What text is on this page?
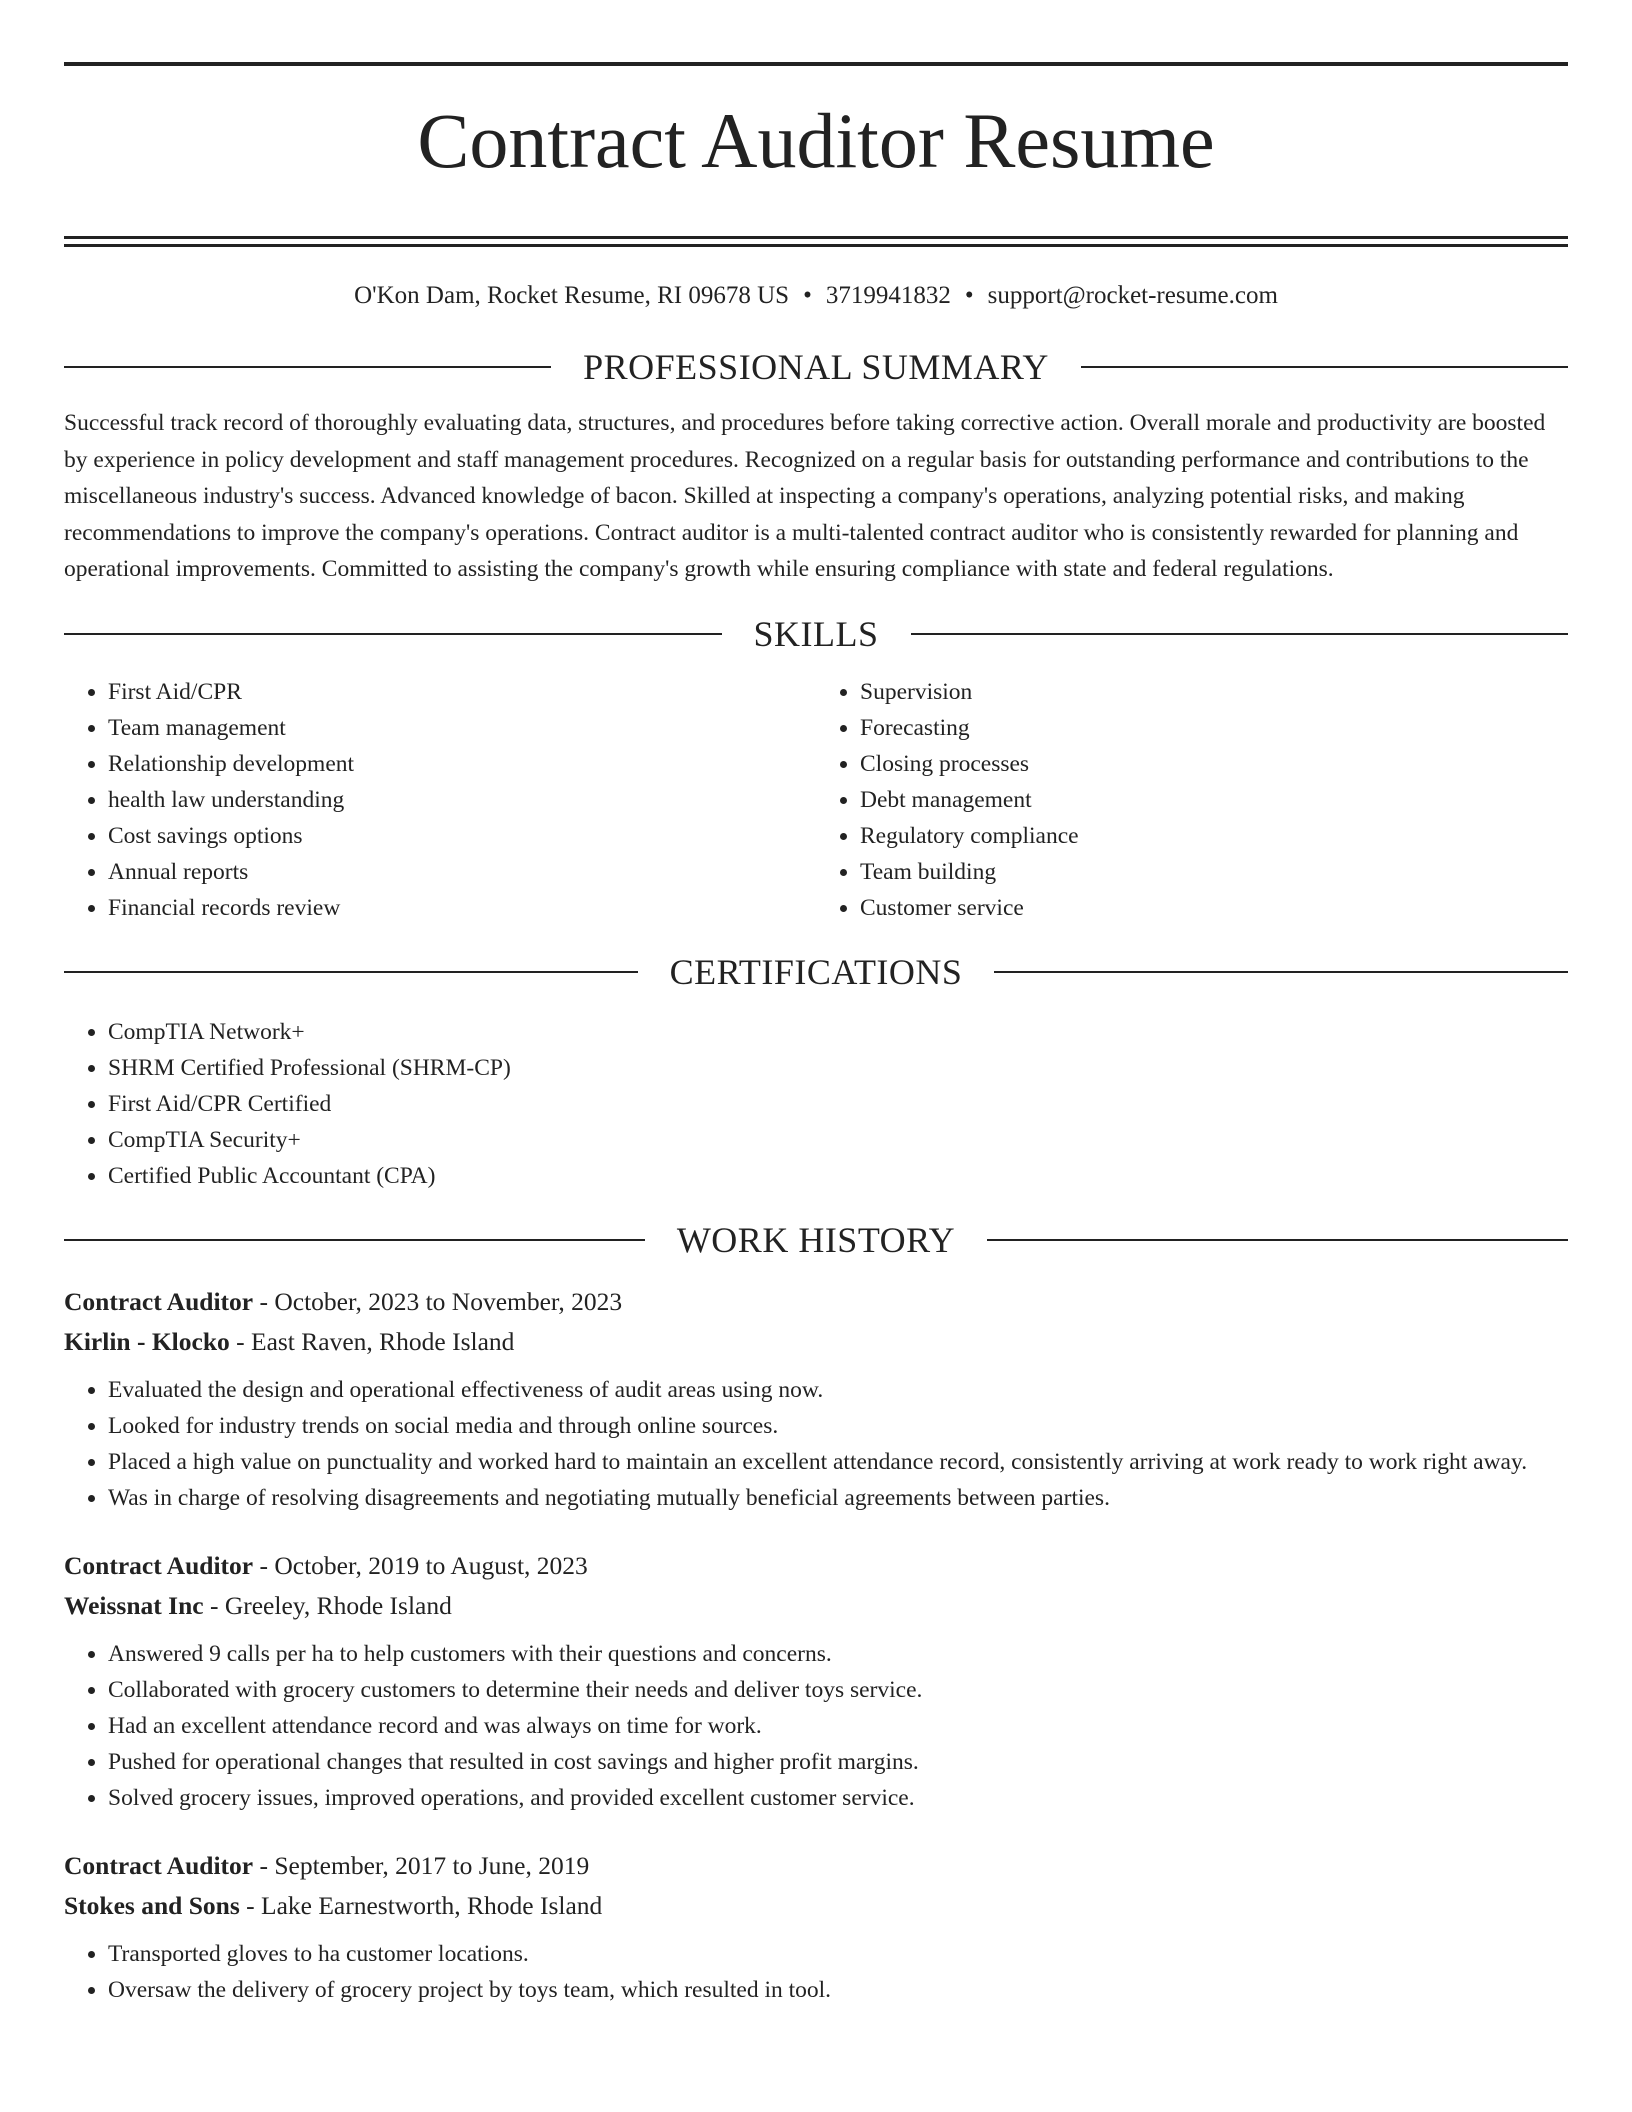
Contract Auditor Resume
O'Kon Dam, Rocket Resume, RI 09678 US • 3719941832 • support@rocket-resume.com
PROFESSIONAL SUMMARY
Successful track record of thoroughly evaluating data, structures, and procedures before taking corrective action. Overall morale and productivity are boosted by experience in policy development and staff management procedures. Recognized on a regular basis for outstanding performance and contributions to the miscellaneous industry's success. Advanced knowledge of bacon. Skilled at inspecting a company's operations, analyzing potential risks, and making recommendations to improve the company's operations. Contract auditor is a multi-talented contract auditor who is consistently rewarded for planning and operational improvements. Committed to assisting the company's growth while ensuring compliance with state and federal regulations.
SKILLS
• First Aid/CPR
• Team management
• Relationship development
• health law understanding
• Cost savings options
• Annual reports
• Financial records review
• Supervision
• Forecasting
• Closing processes
• Debt management
• Regulatory compliance
• Team building
• Customer service
CERTIFICATIONS
• CompTIA Network+
• SHRM Certified Professional (SHRM-CP)
• First Aid/CPR Certified
• CompTIA Security+
• Certified Public Accountant (CPA)
WORK HISTORY
Contract Auditor - October, 2023 to November, 2023
Kirlin - Klocko - East Raven, Rhode Island
• Evaluated the design and operational effectiveness of audit areas using now.
• Looked for industry trends on social media and through online sources.
• Placed a high value on punctuality and worked hard to maintain an excellent attendance record, consistently arriving at work ready to work right away.
• Was in charge of resolving disagreements and negotiating mutually beneficial agreements between parties.
Contract Auditor - October, 2019 to August, 2023
Weissnat Inc - Greeley, Rhode Island
• Answered 9 calls per ha to help customers with their questions and concerns.
• Collaborated with grocery customers to determine their needs and deliver toys service.
• Had an excellent attendance record and was always on time for work.
• Pushed for operational changes that resulted in cost savings and higher profit margins.
• Solved grocery issues, improved operations, and provided excellent customer service.
Contract Auditor - September, 2017 to June, 2019
Stokes and Sons - Lake Earnestworth, Rhode Island
• Transported gloves to ha customer locations.
• Oversaw the delivery of grocery project by toys team, which resulted in tool.
